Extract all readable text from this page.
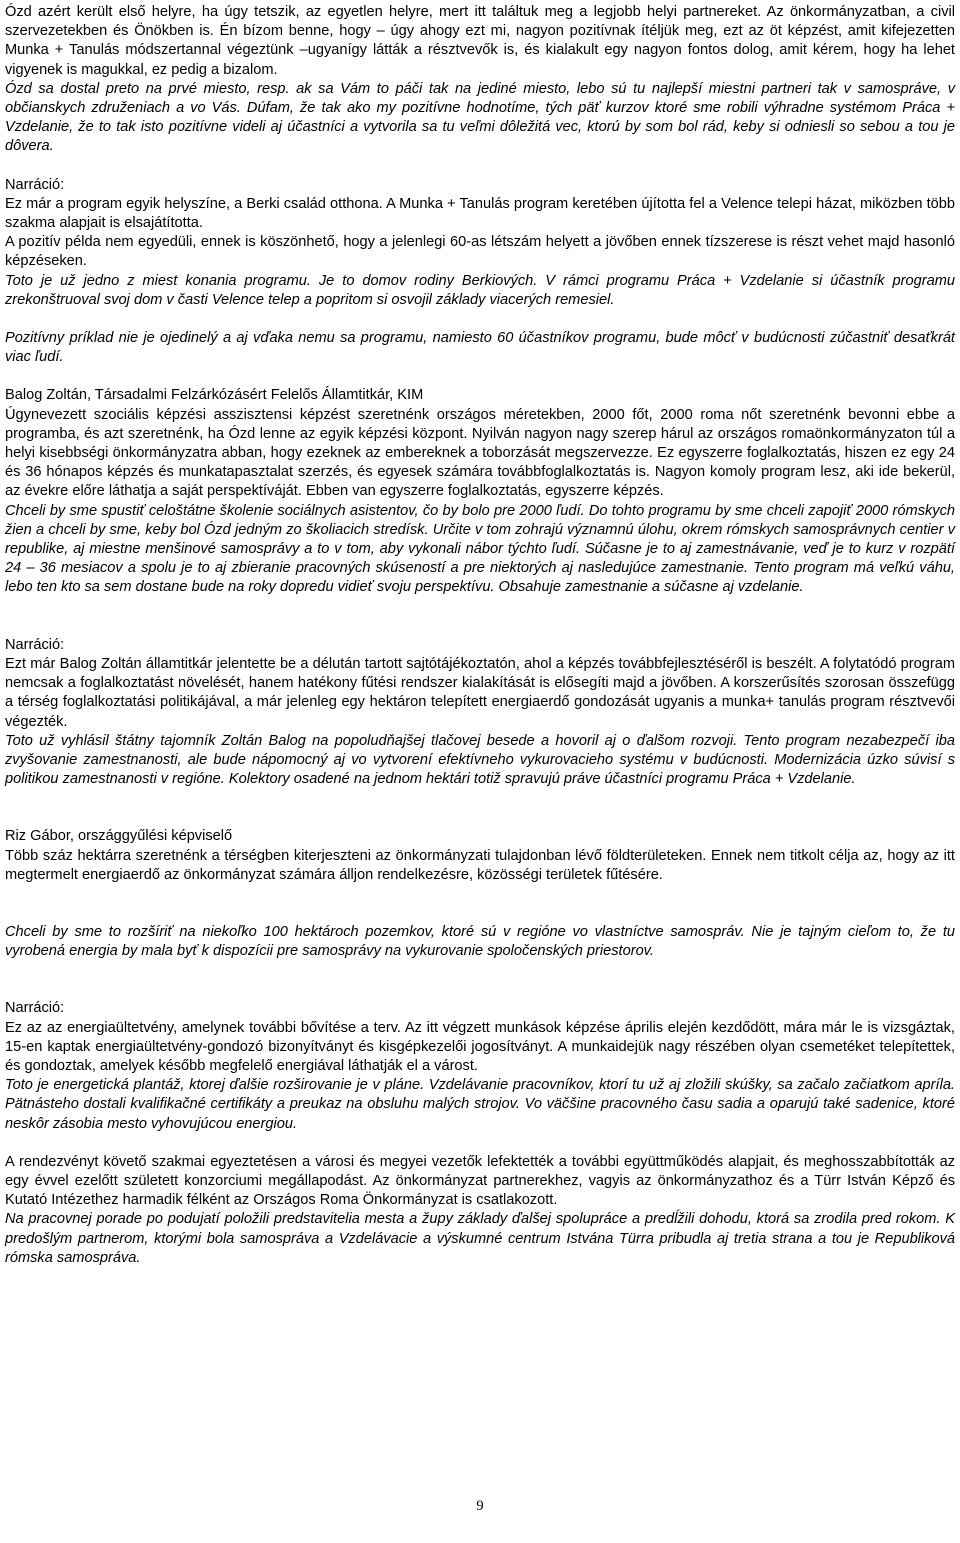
Ózd azért került első helyre, ha úgy tetszik, az egyetlen helyre, mert itt találtuk meg a legjobb helyi partnereket. Az önkormányzatban, a civil szervezetekben és Önökben is. Én bízom benne, hogy – úgy ahogy ezt mi, nagyon pozitívnak ítéljük meg, ezt az öt képzést, amit kifejezetten Munka + Tanulás módszertannal végeztünk –ugyanígy látták a résztvevők is, és kialakult egy nagyon fontos dolog, amit kérem, hogy ha lehet vigyenek is magukkal, ez pedig a bizalom.

Ózd sa dostal preto na prvé miesto, resp. ak sa Vám to páči tak na jediné miesto, lebo sú tu najlepší miestni partneri tak v samospráve, v občianskych združeniach a vo Vás. Dúfam, že tak ako my pozitívne hodnotíme, tých päť kurzov ktoré sme robili výhradne systémom Práca + Vzdelanie, že to tak isto pozitívne videli aj účastníci a vytvorila sa tu veľmi dôležitá vec, ktorú by som bol rád, keby si odniesli so sebou a tou je dôvera.

Narráció:

Ez már a program egyik helyszíne, a Berki család otthona. A Munka + Tanulás program keretében újította fel a Velence telepi házat, miközben több szakma alapjait is elsajátította.

A pozitív példa nem egyedüli, ennek is köszönhető, hogy a jelenlegi 60-as létszám helyett a jövőben ennek tízszerese is részt vehet majd hasonló képzéseken.

Toto je už jedno z miest konania programu. Je to domov rodiny Berkiových. V rámci programu Práca + Vzdelanie si účastník programu zrekonštruoval svoj dom v časti Velence telep a popritom si osvojil základy viacerých remesiel.

Pozitívny príklad nie je ojedinelý a aj vďaka nemu sa programu, namiesto 60 účastníkov programu, bude môcť v budúcnosti zúčastniť desaťkrát viac ľudí.

Balog Zoltán, Társadalmi Felzárkózásért Felelős Államtitkár, KIM

Úgynevezett szociális képzési asszisztensi képzést szeretnénk országos méretekben, 2000 főt, 2000 roma nőt szeretnénk bevonni ebbe a programba, és azt szeretnénk, ha Ózd lenne az egyik képzési központ. Nyilván nagyon nagy szerep hárul az országos romaönkormányzaton túl a helyi kisebbségi önkormányzatra abban, hogy ezeknek az embereknek a toborzását megszervezze. Ez egyszerre foglalkoztatás, hiszen ez egy 24 és 36 hónapos képzés és munkatapasztalat szerzés, és egyesek számára továbbfoglalkoztatás is. Nagyon komoly program lesz, aki ide bekerül, az évekre előre láthatja a saját perspektíváját. Ebben van egyszerre foglalkoztatás, egyszerre képzés.

Chceli by sme spustiť celoštátne školenie sociálnych asistentov, čo by bolo pre 2000 ľudí. Do tohto programu by sme chceli zapojiť 2000 rómskych žien a chceli by sme, keby bol Ózd jedným zo školiacich stredísk. Určite v tom zohrajú významnú úlohu, okrem rómskych samosprávnych centier v republike, aj miestne menšinové samosprávy a to v tom, aby vykonali nábor týchto ľudí. Súčasne je to aj zamestnávanie, veď je to kurz v rozpätí 24 – 36 mesiacov a spolu je to aj zbieranie pracovných skúseností a pre niektorých aj nasledujúce zamestnanie. Tento program má veľkú váhu, lebo ten kto sa sem dostane bude na roky dopredu vidieť svoju perspektívu. Obsahuje zamestnanie a súčasne aj vzdelanie.

Narráció:

Ezt már Balog Zoltán államtitkár jelentette be a délután tartott sajtótájékoztatón, ahol a képzés továbbfejlesztéséről is beszélt. A folytatódó program nemcsak a foglalkoztatást növelését, hanem hatékony fűtési rendszer kialakítását is elősegíti majd a jövőben. A korszerűsítés szorosan összefügg a térség foglalkoztatási politikájával, a már jelenleg egy hektáron telepített energiaerdő gondozását ugyanis a munka+ tanulás program résztvevői végezték.

Toto už vyhlásil štátny tajomník Zoltán Balog na popoludňajšej tlačovej besede a hovoril aj o ďalšom rozvoji. Tento program nezabezpečí iba zvyšovanie zamestnanosti, ale bude nápomocný aj vo vytvorení efektívneho vykurovacieho systému v budúcnosti. Modernizácia úzko súvisí s politikou zamestnanosti v regióne. Kolektory osadené na jednom hektári totiž spravujú práve účastníci programu Práca + Vzdelanie.

Riz Gábor, országgyűlési képviselő

Több száz hektárra szeretnénk a térségben kiterjeszteni az önkormányzati tulajdonban lévő földterületeken. Ennek nem titkolt célja az, hogy az itt megtermelt energiaerdő az önkormányzat számára álljon rendelkezésre, közösségi területek fűtésére.

Chceli by sme to rozšíriť na niekoľko 100 hektároch pozemkov, ktoré sú v regióne vo vlastníctve samospráv. Nie je tajným cieľom to, že tu vyrobená energia by mala byť k dispozícii pre samosprávy na vykurovanie spoločenských priestorov.

Narráció:

Ez az az energiaültetvény, amelynek további bővítése a terv. Az itt végzett munkások képzése április elején kezdődött, mára már le is vizsgáztak, 15-en kaptak energiaültetvény-gondozó bizonyítványt és kisgépkezelői jogosítványt. A munkaidejük nagy részében olyan csemetéket telepítettek, és gondoztak, amelyek később megfelelő energiával láthatják el a várost.

Toto je energetická plantáž, ktorej ďalšie rozširovanie je v pláne. Vzdelávanie pracovníkov, ktorí tu už aj zložili skúšky, sa začalo začiatkom apríla. Pätnásteho dostali kvalifikačné certifikáty a preukaz na obsluhu malých strojov. Vo väčšine pracovného času sadia a oparujú také sadenice, ktoré neskôr zásobia mesto vyhovujúcou energiou.

A rendezvényt követő szakmai egyeztetésen a városi és megyei vezetők lefektették a további együttműködés alapjait, és meghosszabbították az egy évvel ezelőtt született konzorciumi megállapodást. Az önkormányzat partnerekhez, vagyis az önkormányzathoz és a Türr István Képző és Kutató Intézethez harmadik félként az Országos Roma Önkormányzat is csatlakozott.

Na pracovnej porade po podujatí položili predstavitelia mesta a župy základy ďalšej spolupráce a predĺžili dohodu, ktorá sa zrodila pred rokom. K predošlým partnerom, ktorými bola samospráva a Vzdelávacie a výskumné centrum Istvána Türra pribudla aj tretia strana a tou je Republiková rómska samospráva.

9
